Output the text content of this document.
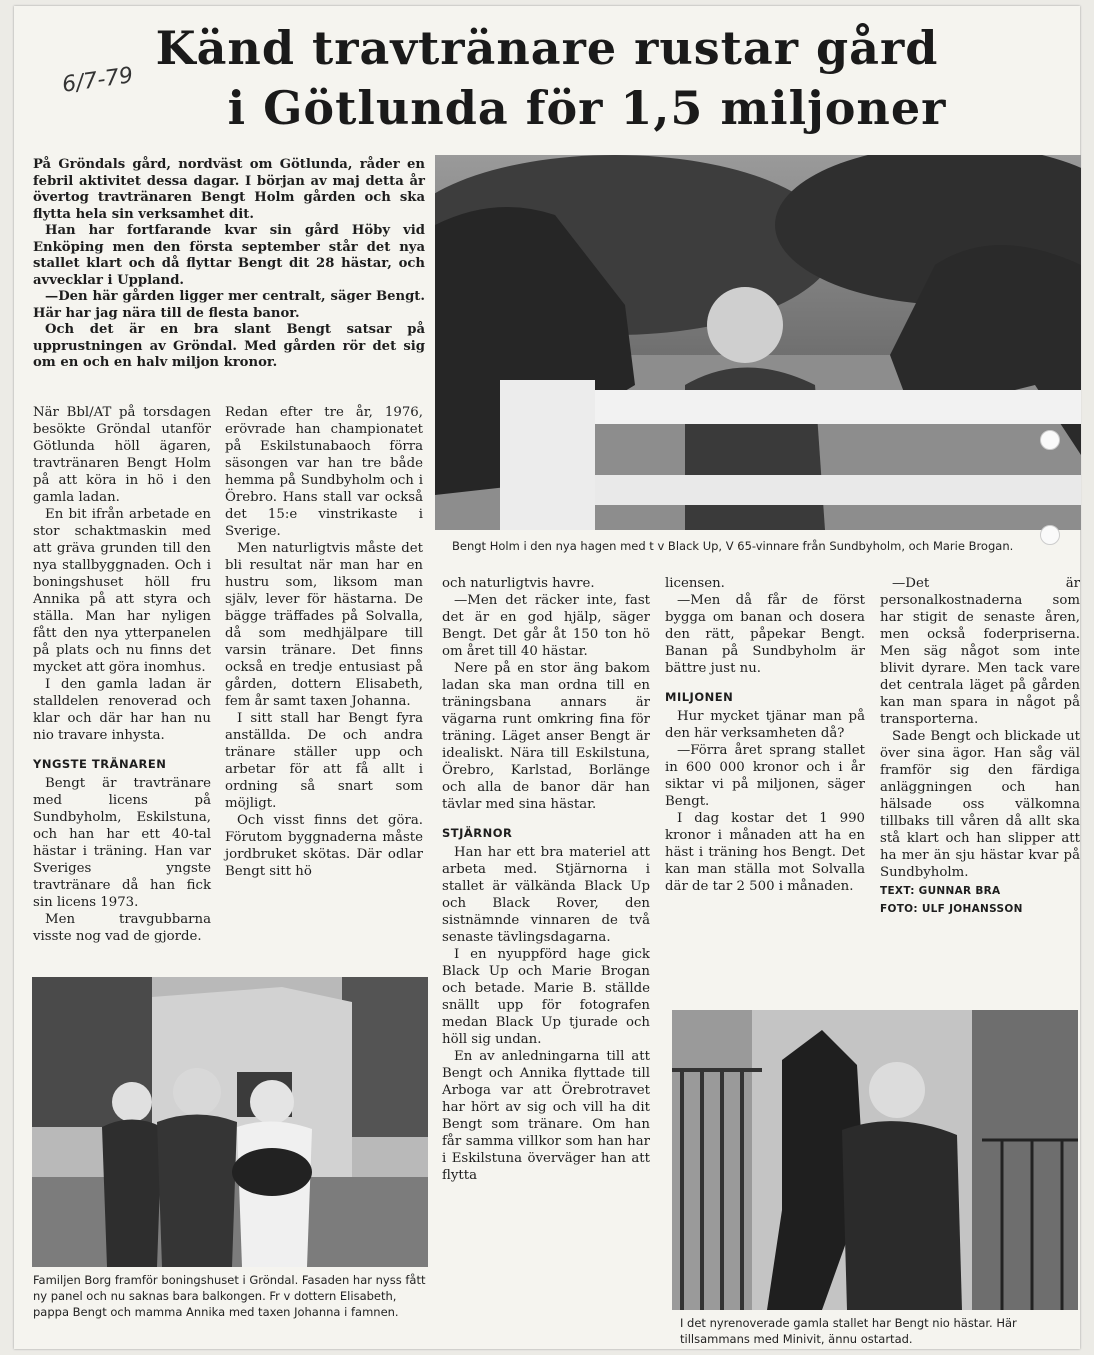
Känd travtränare rustar gård
i Götlunda för 1,5 miljoner
6/7-79

På Gröndals gård, nordväst om Götlunda, råder en febril aktivitet dessa dagar. I början av maj detta år övertog travtränaren Bengt Holm gården och ska flytta hela sin verksamhet dit.

Han har fortfarande kvar sin gård Höby vid Enköping men den första september står det nya stallet klart och då flyttar Bengt dit 28 hästar, och avvecklar i Uppland.

—Den här gården ligger mer centralt, säger Bengt. Här har jag nära till de flesta banor.

Och det är en bra slant Bengt satsar på upprustningen av Gröndal. Med gården rör det sig om en och en halv miljon kronor.

Bengt Holm i den nya hagen med t v Black Up, V 65-vinnare från Sundbyholm, och Marie Brogan.

När Bbl/AT på torsdagen besökte Gröndal utanför Götlunda höll ägaren, travtränaren Bengt Holm på att köra in hö i den gamla ladan.

En bit ifrån arbetade en stor schaktmaskin med att gräva grunden till den nya stallbyggnaden. Och i boningshuset höll fru Annika på att styra och ställa. Man har nyligen fått den nya ytterpanelen på plats och nu finns det mycket att göra inomhus.

I den gamla ladan är stalldelen renoverad och klar och där har han nu nio travare inhysta.

YNGSTE TRÄNAREN

Bengt är travtränare med licens på Sundbyholm, Eskilstuna, och han har ett 40-tal hästar i träning. Han var Sveriges yngste travtränare då han fick sin licens 1973.

Men travgubbarna visste nog vad de gjorde.

Redan efter tre år, 1976, erövrade han championatet på Eskilstunabaoch förra säsongen var han tre både hemma på Sundbyholm och i Örebro. Hans stall var också det 15:e vinstrikaste i Sverige.

Men naturligtvis måste det bli resultat när man har en hustru som, liksom man själv, lever för hästarna. De bägge träffades på Solvalla, då som medhjälpare till varsin tränare. Det finns också en tredje entusiast på gården, dottern Elisabeth, fem år samt taxen Johanna.

I sitt stall har Bengt fyra anställda. De och andra tränare ställer upp och arbetar för att få allt i ordning så snart som möjligt.

Och visst finns det göra. Förutom byggnaderna måste jordbruket skötas. Där odlar Bengt sitt hö

Familjen Borg framför boningshuset i Gröndal. Fasaden har nyss fått ny panel och nu saknas bara balkongen. Fr v dottern Elisabeth, pappa Bengt och mamma Annika med taxen Johanna i famnen.

och naturligtvis havre.

—Men det räcker inte, fast det är en god hjälp, säger Bengt. Det går åt 150 ton hö om året till 40 hästar.

Nere på en stor äng bakom ladan ska man ordna till en träningsbana annars är vägarna runt omkring fina för träning. Läget anser Bengt är idealiskt. Nära till Eskilstuna, Örebro, Karlstad, Borlänge och alla de banor där han tävlar med sina hästar.

STJÄRNOR

Han har ett bra materiel att arbeta med. Stjärnorna i stallet är välkända Black Up och Black Rover, den sistnämnde vinnaren de två senaste tävlingsdagarna.

I en nyuppförd hage gick Black Up och Marie Brogan och betade. Marie B. ställde snällt upp för fotografen medan Black Up tjurade och höll sig undan.

En av anledningarna till att Bengt och Annika flyttade till Arboga var att Örebrotravet har hört av sig och vill ha dit Bengt som tränare. Om han får samma villkor som han har i Eskilstuna överväger han att flytta

licensen.

—Men då får de först bygga om banan och dosera den rätt, påpekar Bengt. Banan på Sundbyholm är bättre just nu.

MILJONEN

Hur mycket tjänar man på den här verksamheten då?

—Förra året sprang stallet in 600 000 kronor och i år siktar vi på miljonen, säger Bengt.

I dag kostar det 1 990 kronor i månaden att ha en häst i träning hos Bengt. Det kan man ställa mot Solvalla där de tar 2 500 i månaden.

—Det är personalkostnaderna som har stigit de senaste åren, men också foderpriserna. Men säg något som inte blivit dyrare. Men tack vare det centrala läget på gården kan man spara in något på transporterna.

Sade Bengt och blickade ut över sina ägor. Han såg väl framför sig den färdiga anläggningen och han hälsade oss välkomna tillbaks till våren då allt ska stå klart och han slipper att ha mer än sju hästar kvar på Sundbyholm.

TEXT: GUNNAR BRA
FOTO: ULF JOHANSSON
I det nyrenoverade gamla stallet har Bengt nio hästar. Här tillsammans med Minivit, ännu ostartad.
